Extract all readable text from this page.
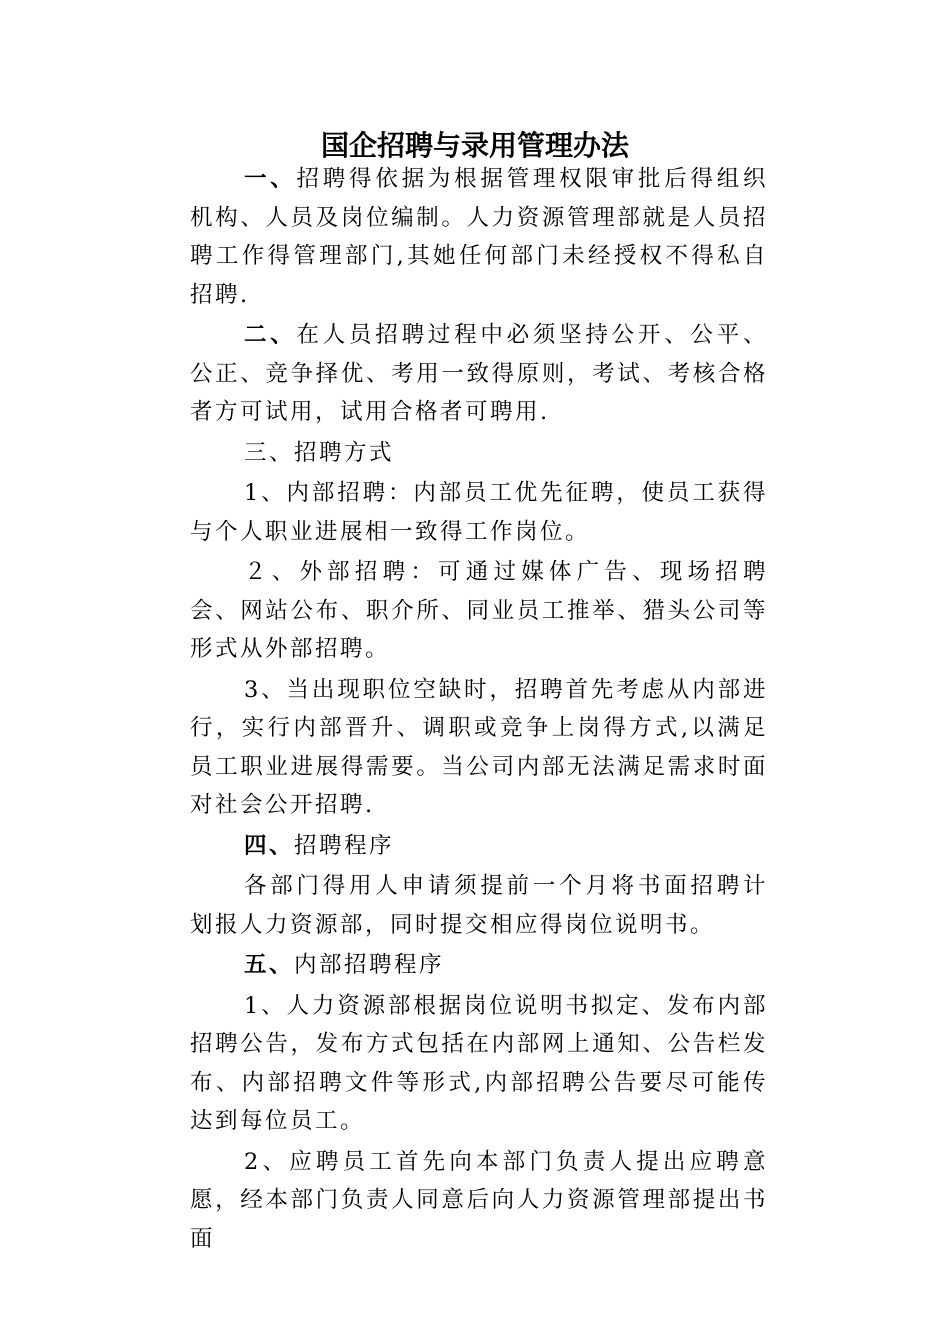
国企招聘与录用管理办法

一、招聘得依据为根据管理权限审批后得组织机构、人员及岗位编制。人力资源管理部就是人员招聘工作得管理部门,其她任何部门未经授权不得私自招聘.

二、在人员招聘过程中必须坚持公开、公平、公正、竞争择优、考用一致得原则，考试、考核合格者方可试用，试用合格者可聘用.

三、招聘方式

1、内部招聘：内部员工优先征聘，使员工获得与个人职业进展相一致得工作岗位。

２、外部招聘：可通过媒体广告、现场招聘会、网站公布、职介所、同业员工推举、猎头公司等形式从外部招聘。

3、当出现职位空缺时，招聘首先考虑从内部进行，实行内部晋升、调职或竞争上岗得方式,以满足员工职业进展得需要。当公司内部无法满足需求时面对社会公开招聘.

四、招聘程序

各部门得用人申请须提前一个月将书面招聘计划报人力资源部，同时提交相应得岗位说明书。

五、内部招聘程序

1、人力资源部根据岗位说明书拟定、发布内部招聘公告，发布方式包括在内部网上通知、公告栏发布、内部招聘文件等形式,内部招聘公告要尽可能传达到每位员工。

2、应聘员工首先向本部门负责人提出应聘意愿，经本部门负责人同意后向人力资源管理部提出书面
